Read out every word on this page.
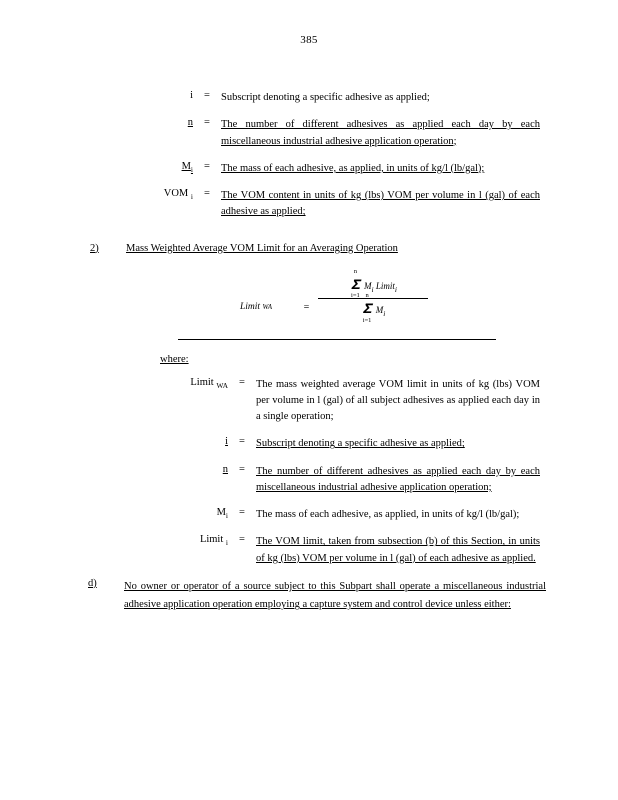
385
i	=	Subscript denoting a specific adhesive as applied;
n	=	The number of different adhesives as applied each day by each miscellaneous industrial adhesive application operation;
$M_i$	=	The mass of each adhesive, as applied, in units of kg/l (lb/gal);
VOM $_i$	=	The VOM content in units of kg (lbs) VOM per volume in l (gal) of each adhesive as applied;
2)	Mass Weighted Average VOM Limit for an Averaging Operation
Limit WA	=
𝚺
n
i=1
$M_i$ Limit$_i$
𝚺
n
i=1
$M_i$
where:
Limit $_{WA}$	=	The mass weighted average VOM limit in units of kg (lbs) VOM per volume in l (gal) of all subject adhesives as applied each day in a single operation;
i	=	Subscript denoting a specific adhesive as applied;
n	=	The number of different adhesives as applied each day by each miscellaneous industrial adhesive application operation;
$M_i$	=	The mass of each adhesive, as applied, in units of kg/l (lb/gal);
Limit $_i$	=	The VOM limit, taken from subsection (b) of this Section, in units of kg (lbs) VOM per volume in l (gal) of each adhesive as applied.
d)	No owner or operator of a source subject to this Subpart shall operate a miscellaneous industrial adhesive application operation employing a capture system and control device unless either:
